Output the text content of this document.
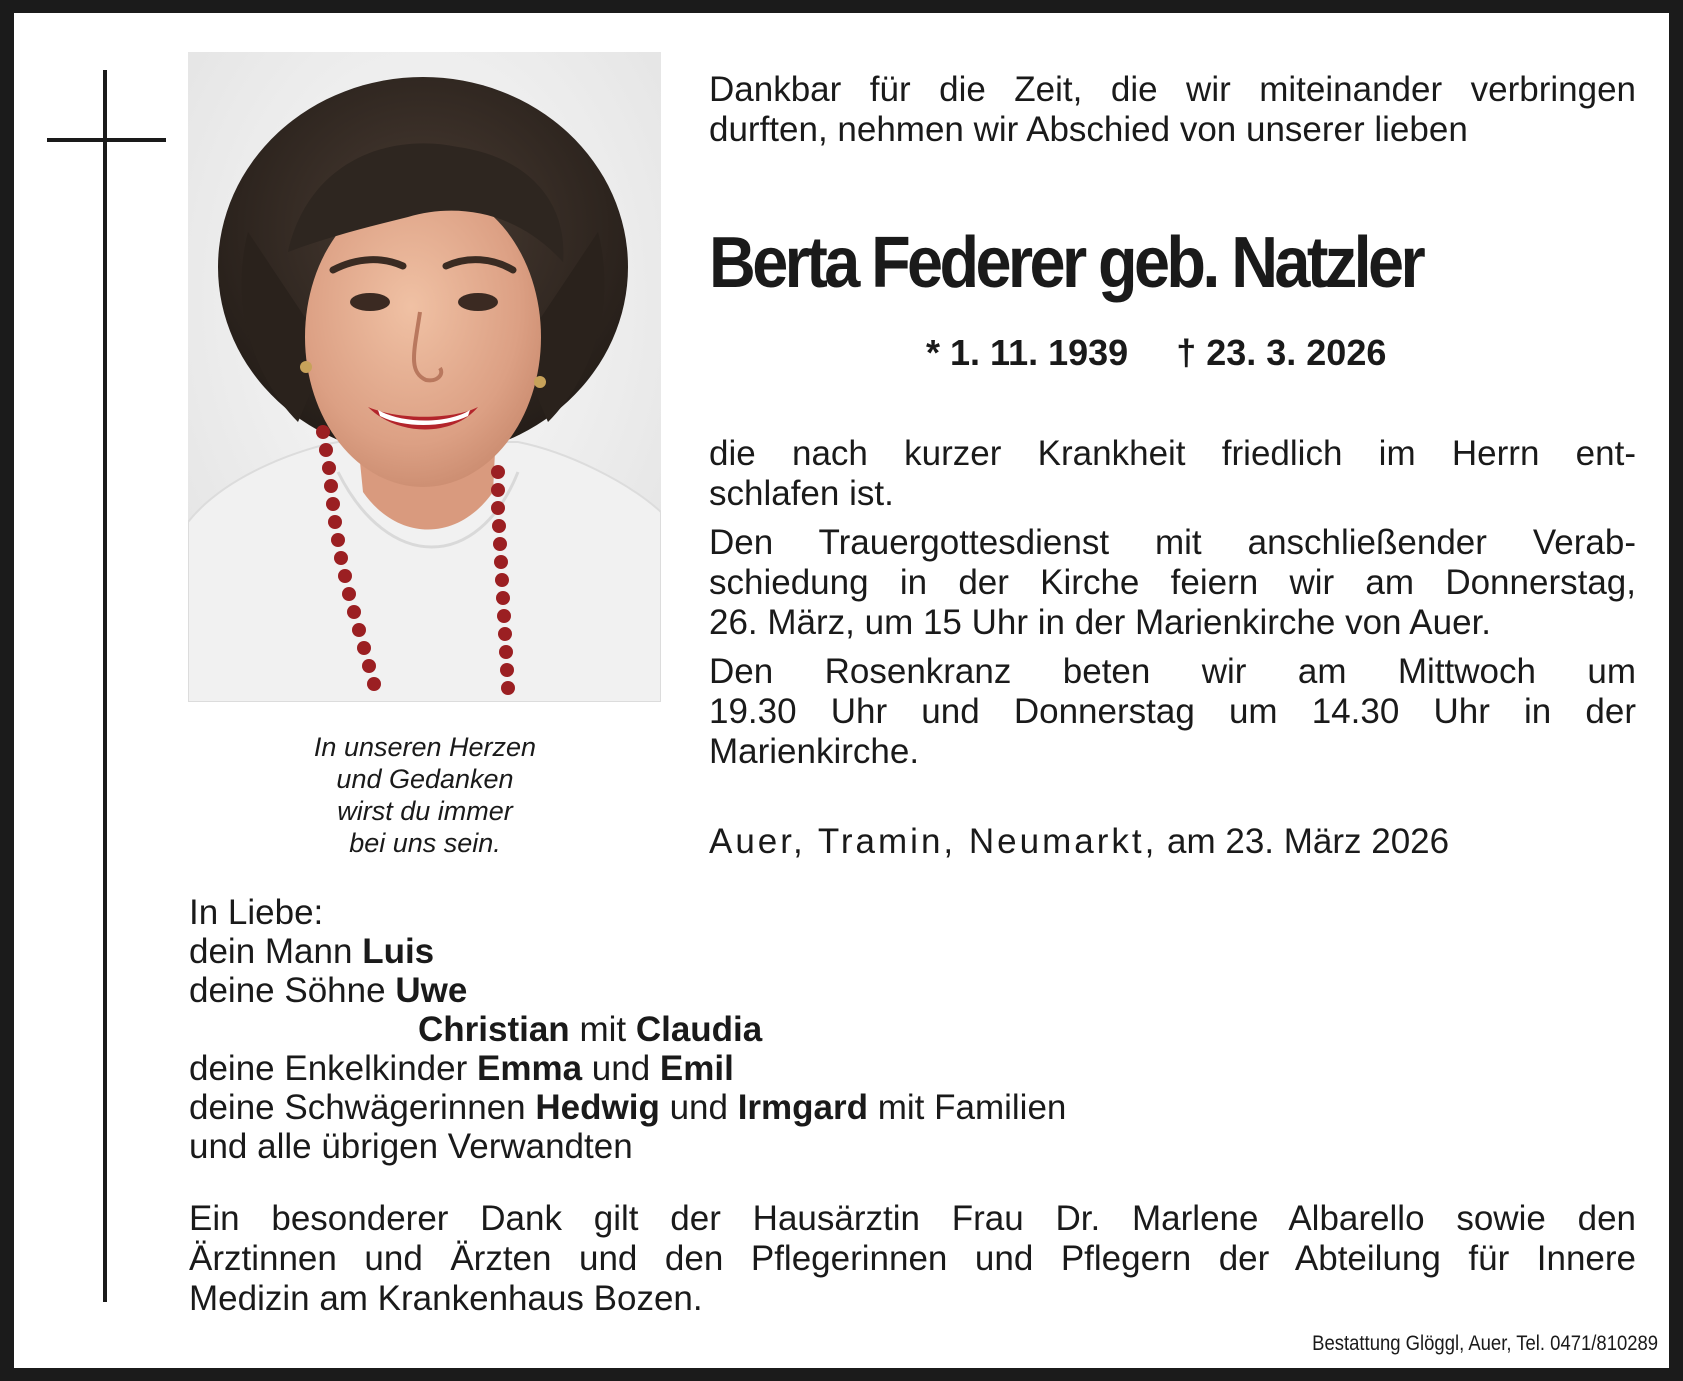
In unseren Herzen
und Gedanken
wirst du immer
bei uns sein.
Dankbar für die Zeit, die wir miteinander verbringen
durften, nehmen wir Abschied von unserer lieben
Berta Federer geb. Natzler
* 1. 11. 1939 † 23. 3. 2026
die nach kurzer Krankheit friedlich im Herrn ent-
schlafen ist.
Den Trauergottesdienst mit anschließender Verab-
schiedung in der Kirche feiern wir am Donnerstag,
26. März, um 15 Uhr in der Marienkirche von Auer.
Den Rosenkranz beten wir am Mittwoch um
19.30 Uhr und Donnerstag um 14.30 Uhr in der
Marienkirche.
Auer, Tramin, Neumarkt, am 23. März 2026
In Liebe:
dein Mann Luis
deine Söhne Uwe
Christian mit Claudia
deine Enkelkinder Emma und Emil
deine Schwägerinnen Hedwig und Irmgard mit Familien
und alle übrigen Verwandten
Ein besonderer Dank gilt der Hausärztin Frau Dr. Marlene Albarello sowie den
Ärztinnen und Ärzten und den Pflegerinnen und Pflegern der Abteilung für Innere
Medizin am Krankenhaus Bozen.
Bestattung Glöggl, Auer, Tel. 0471/810289
